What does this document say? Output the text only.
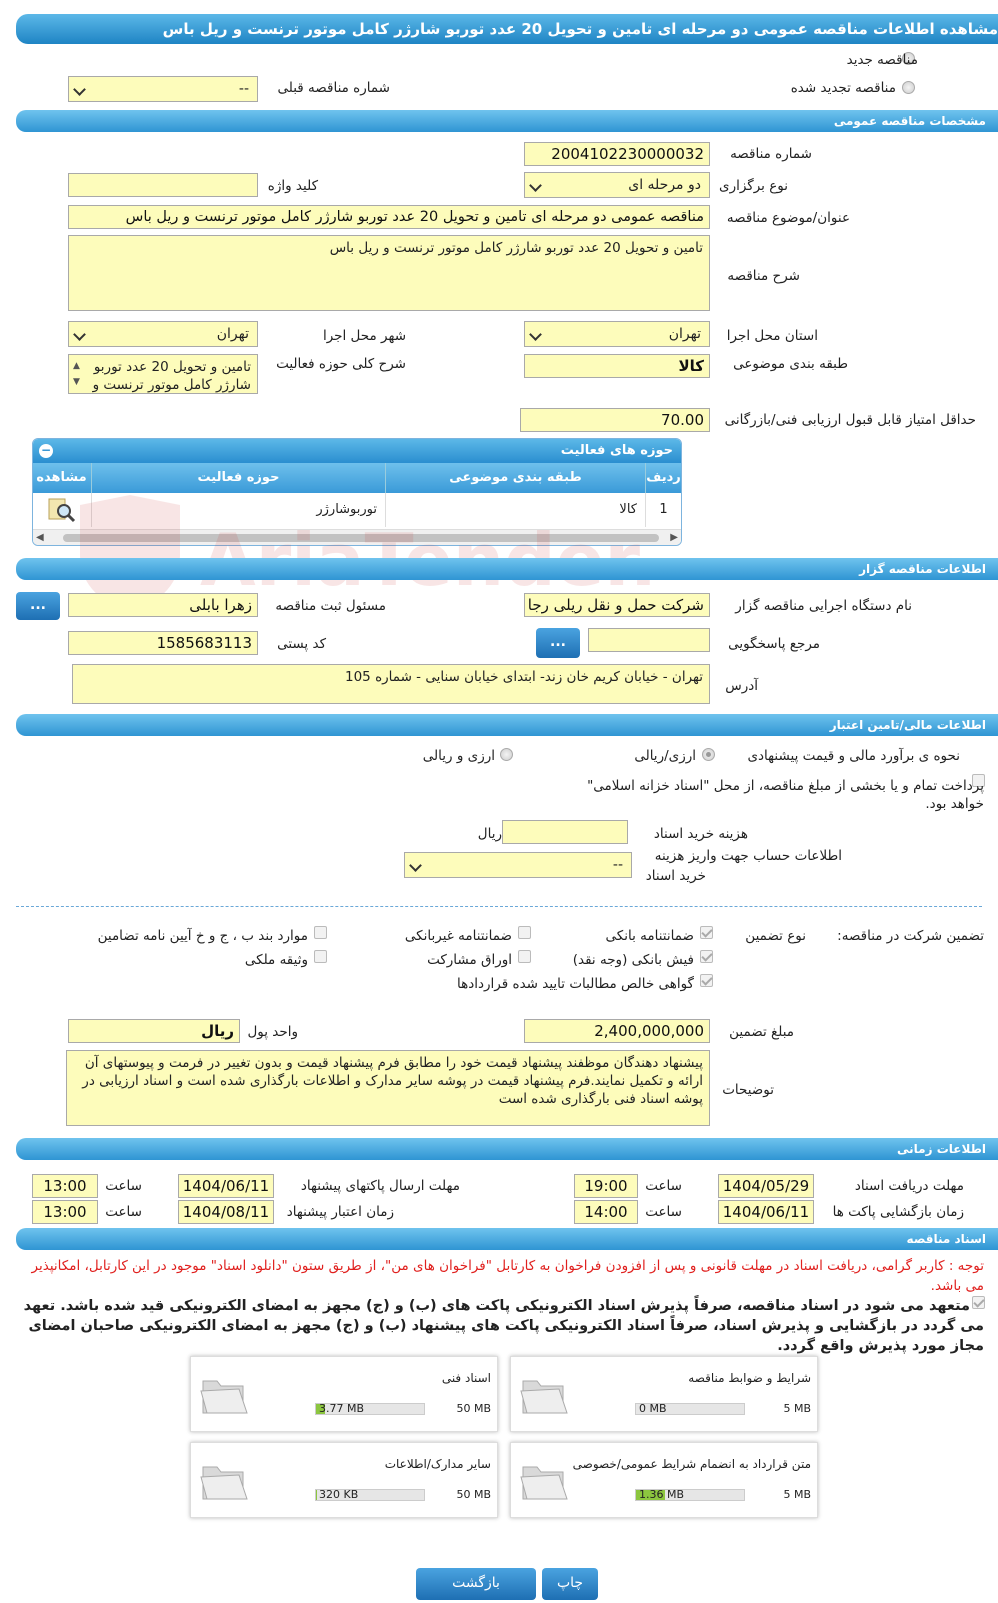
مشاهده اطلاعات مناقصه عمومی دو مرحله ای تامین و تحویل 20 عدد توربو شارژر کامل موتور ترنست و ریل باس
مناقصه جدید
مناقصه تجدید شده
شماره مناقصه قبلی
--
مشخصات مناقصه عمومی
شماره مناقصه
2004102230000032
نوع برگزاری
دو مرحله ای
کلید واژه
عنوان/موضوع مناقصه
مناقصه عمومی دو مرحله ای تامین و تحویل 20 عدد توربو شارژر کامل موتور ترنست و ریل باس
تامین و تحویل 20 عدد توربو شارژر کامل موتور ترنست و ریل باس
شرح مناقصه
استان محل اجرا
تهران
شهر محل اجرا
تهران
طبقه بندی موضوعی
کالا
شرح کلی حوزه فعالیت
تامین و تحویل 20 عدد توربو شارژر کامل موتور ترنست و
▲
▼
حداقل امتیاز قابل قبول ارزیابی فنی/بازرگانی
70.00
حوزه های فعالیت
−
ردیف
طبقه بندی موضوعی
حوزه فعالیت
مشاهده
1
کالا
توربوشارژر
◀	▶
اطلاعات مناقصه گزار
نام دستگاه اجرایی مناقصه گزار
شرکت حمل و نقل ریلی رجا
مسئول ثبت مناقصه
زهرا بابلی
...
مرجع پاسخگویی
...
کد پستی
1585683113
تهران - خیابان کریم خان زند- ابتدای خیابان سنایی - شماره 105
آدرس
اطلاعات مالی/تامین اعتبار
نحوه ی برآورد مالی و قیمت پیشنهادی
ارزی/ریالی
ارزی و ریالی
پرداخت تمام و یا بخشی از مبلغ مناقصه، از محل "اسناد خزانه اسلامی"
خواهد بود.
هزینه خرید اسناد
ریال
اطلاعات حساب جهت واریز هزینه
خرید اسناد
--
تضمین شرکت در مناقصه:
نوع تضمین
ضمانتنامه بانکی
ضمانتنامه غیربانکی
موارد بند ب ، ج و خ آیین نامه تضامین
فیش بانکی (وجه نقد)
اوراق مشارکت
وثیقه ملکی
گواهی خالص مطالبات تایید شده قراردادها
مبلغ تضمین
2,400,000,000
واحد پول
ریال
پیشنهاد دهندگان موظفند پیشنهاد قیمت خود را مطابق فرم پیشنهاد قیمت و بدون تغییر در فرمت و پیوستهای آن ارائه و تکمیل نمایند.فرم پیشنهاد قیمت در پوشه سایر مدارک و اطلاعات بارگذاری شده است و اسناد ارزیابی در پوشه اسناد فنی بارگذاری شده است
توضیحات
اطلاعات زمانی
مهلت دریافت اسناد
1404/05/29
ساعت
19:00
مهلت ارسال پاکتهای پیشنهاد
1404/06/11
ساعت
13:00
زمان بازگشایی پاکت ها
1404/06/11
ساعت
14:00
زمان اعتبار پیشنهاد
1404/08/11
ساعت
13:00
اسناد مناقصه
توجه : کاربر گرامی، دریافت اسناد در مهلت قانونی و پس از افزودن فراخوان به کارتابل "فراخوان های من"، از طریق ستون "دانلود اسناد" موجود در این کارتابل، امکانپذیر می باشد.
متعهد می شود در اسناد مناقصه، صرفاً پذیرش اسناد الکترونیکی پاکت های (ب) و (ج) مجهز به امضای الکترونیکی قید شده باشد. تعهد می گردد در بازگشایی و پذیرش اسناد، صرفاً اسناد الکترونیکی پاکت های پیشنهاد (ب) و (ج) مجهز به امضای الکترونیکی صاحبان امضای مجاز مورد پذیرش واقع گردد.
شرایط و ضوابط مناقصه
5 MB
0 MB
اسناد فنی
50 MB
3.77 MB
متن قرارداد به انضمام شرایط عمومی/خصوصی
5 MB
1.36 MB
سایر مدارک/اطلاعات
50 MB
320 KB
چاپ
بازگشت
